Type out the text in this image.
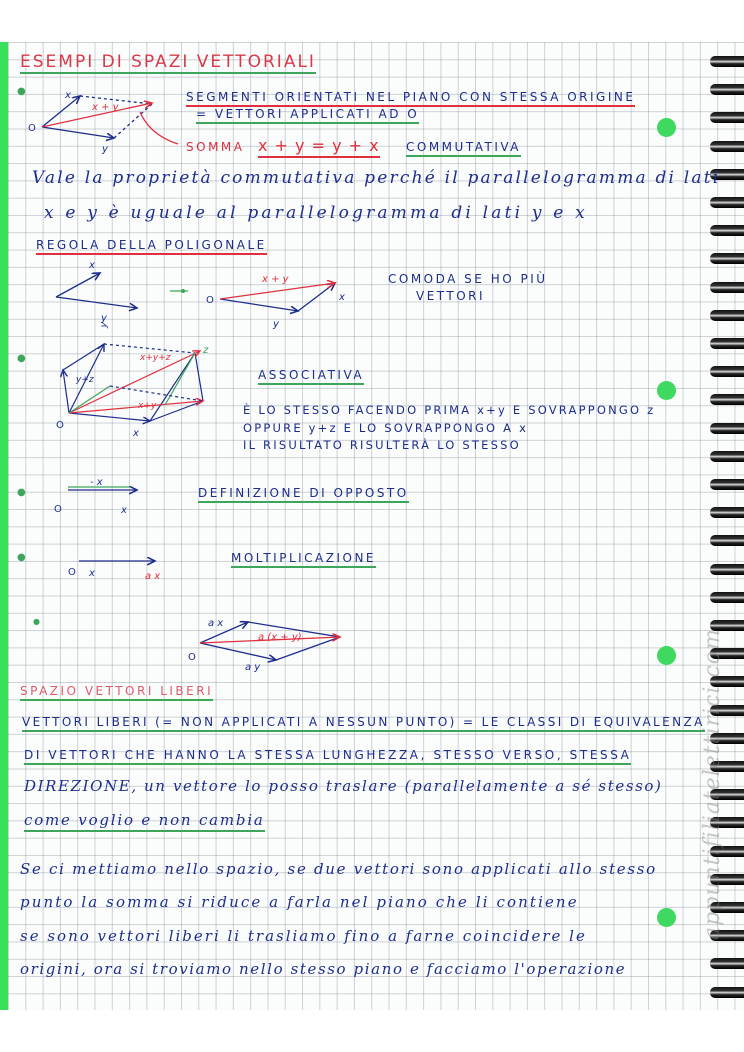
appuntifiliatelettirici.com
ESEMPI DI SPAZI VETTORIALI
●
●
●
●
●
SEGMENTI ORIENTATI NEL PIANO CON STESSA ORIGINE
= VETTORI APPLICATI AD O
SOMMA x + y = y + x COMMUTATIVA
Vale la proprietà commutativa perché il parallelogramma di lati
x e y è uguale al parallelogramma di lati y e x
REGOLA DELLA POLIGONALE
COMODA SE HO PIÙ
VETTORI
ASSOCIATIVA
È LO STESSO FACENDO PRIMA x+y E SOVRAPPONGO z
OPPURE y+z E LO SOVRAPPONGO A x
IL RISULTATO RISULTERÀ LO STESSO
DEFINIZIONE DI OPPOSTO
MOLTIPLICAZIONE
SPAZIO VETTORI LIBERI
VETTORI LIBERI (= NON APPLICATI A NESSUN PUNTO) = LE CLASSI DI EQUIVALENZA
DI VETTORI CHE HANNO LA STESSA LUNGHEZZA, STESSO VERSO, STESSA
DIREZIONE, un vettore lo posso traslare (parallelamente a sé stesso)
come voglio e non cambia
Se ci mettiamo nello spazio, se due vettori sono applicati allo stesso
punto la somma si riduce a farla nel piano che li contiene
se sono vettori liberi li trasliamo fino a farne coincidere le
origini, ora si troviamo nello stesso piano e facciamo l'operazione
O
x
y
x + y
x
y
O
y
x
x + y
O
x
z
y
x+y+z
y+z
x+y
O	x
- x
O x	a x
O
a x
a y
a (x + y)
